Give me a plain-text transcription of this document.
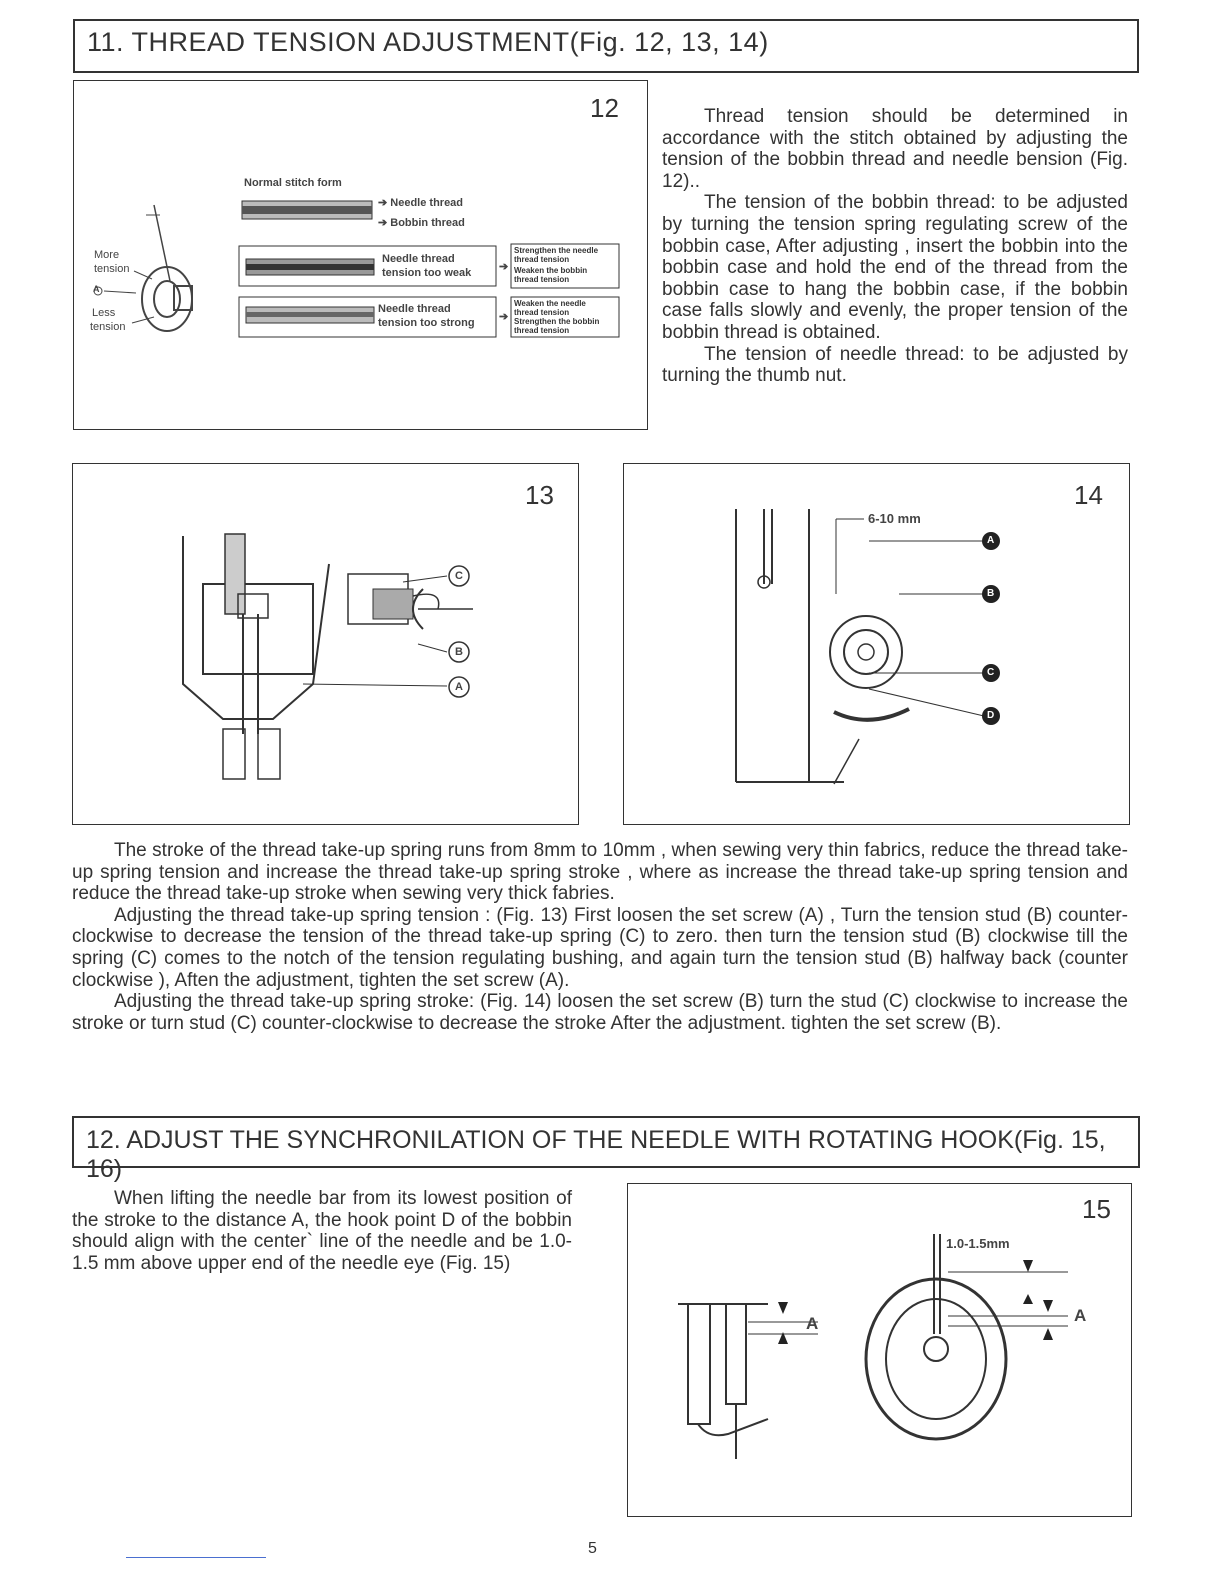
11. THREAD TENSION ADJUSTMENT(Fig. 12, 13, 14)
12
Normal stitch form
➔ Needle thread
➔ Bobbin thread
More
tension
A
Less
tension
Needle thread
tension too weak
Needle thread
tension too strong
➔
➔
Strengthen the needle
thread tension
Weaken the bobbin
thread tension
Weaken the needle
thread tension
Strengthen the bobbin
thread tension

Thread tension should be determined in accordance with the stitch obtained by adjusting the tension of the bobbin thread and needle bension (Fig. 12)..

The tension of the bobbin thread: to be adjusted by turning the tension spring regulating screw of the bobbin case, After adjusting , insert the bobbin into the bobbin case and hold the end of the thread from the bobbin case to hang the bobbin case, if the bobbin case falls slowly and evenly, the proper tension of the bobbin thread is obtained.

The tension of needle thread: to be adjusted by turning the thumb nut.

13
C
B
A
14
6-10 mm
A
B
C
D

The stroke of the thread take-up spring runs from 8mm to 10mm , when sewing very thin fabrics, reduce the thread take-up spring tension and increase the thread take-up spring stroke , where as increase the thread take-up spring tension and reduce the thread take-up stroke when sewing very thick fabries.

Adjusting the thread take-up spring tension : (Fig. 13) First loosen the set screw (A) , Turn the tension stud (B) counter-clockwise to decrease the tension of the thread take-up spring (C) to zero. then turn the tension stud (B) clockwise till the spring (C) comes to the notch of the tension regulating bushing, and again turn the tension stud (B) halfway back (counter clockwise ), Aften the adjustment, tighten the set screw (A).

Adjusting the thread take-up spring stroke: (Fig. 14) loosen the set screw (B) turn the stud (C) clockwise to increase the stroke or turn stud (C) counter-clockwise to decrease the stroke After the adjustment. tighten the set screw (B).

12. ADJUST THE SYNCHRONILATION OF THE NEEDLE WITH ROTATING HOOK(Fig. 15, 16)

When lifting the needle bar from its lowest position of the stroke to the distance A, the hook point D of the bobbin should align with the center` line of the needle and be 1.0-1.5 mm above upper end of the needle eye (Fig. 15)

15
1.0-1.5mm
A	A
5
